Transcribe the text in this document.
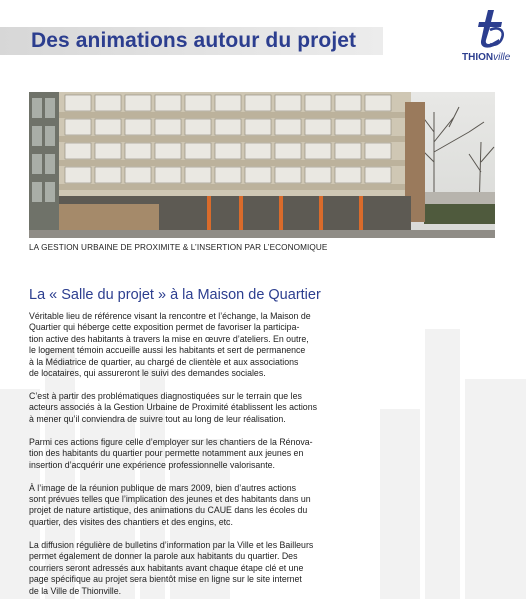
Des animations autour du projet
THIONville
LA GESTION URBAINE DE PROXIMITE & L’INSERTION PAR L’ECONOMIQUE
La « Salle du projet » à la Maison de Quartier

Véritable lieu de référence visant la rencontre et l’échange, la Maison de
Quartier qui héberge cette exposition permet de favoriser la participa-
tion active des habitants à travers la mise en œuvre d’ateliers. En outre,
le logement témoin accueille aussi les habitants et sert de permanence
à la Médiatrice de quartier, au chargé de clientèle et aux associations
de locataires, qui assureront le suivi des demandes sociales.

C’est à partir des problématiques diagnostiquées sur le terrain que les
acteurs associés à la Gestion Urbaine de Proximité établissent les actions
à mener qu’il conviendra de suivre tout au long de leur réalisation.

Parmi ces actions figure celle d’employer sur les chantiers de la Rénova-
tion des habitants du quartier pour permette notamment aux jeunes en
insertion d’acquérir une expérience professionnelle valorisante.

À l’image de la réunion publique de mars 2009, bien d’autres actions
sont prévues telles que l’implication des jeunes et des habitants dans un
projet de nature artistique, des animations du CAUE dans les écoles du
quartier, des visites des chantiers et des engins, etc.

La diffusion régulière de bulletins d’information par la Ville et les Bailleurs
permet également de donner la parole aux habitants du quartier. Des
courriers seront adressés aux habitants avant chaque étape clé et une
page spécifique au projet sera bientôt mise en ligne sur le site internet
de la Ville de Thionville.
